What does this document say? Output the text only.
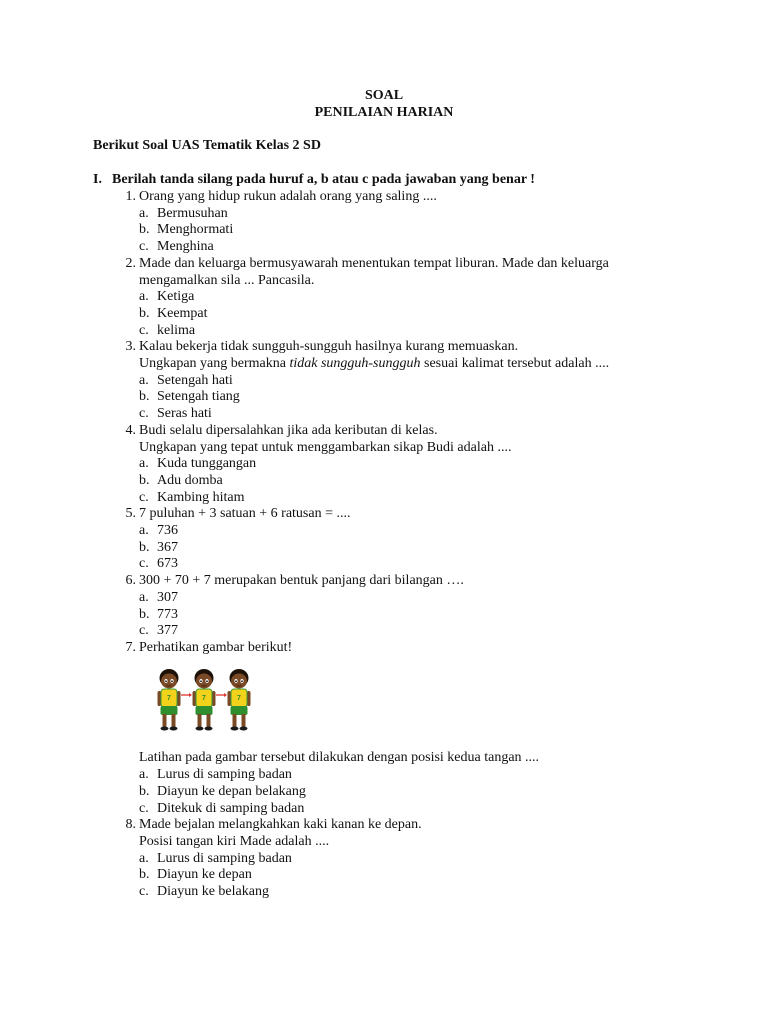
SOAL
PENILAIAN HARIAN
Berikut Soal UAS Tematik Kelas 2 SD
I. Berilah tanda silang pada huruf a, b atau c pada jawaban yang benar !
1. Orang yang hidup rukun adalah orang yang saling ....
a. Bermusuhan
b. Menghormati
c. Menghina
2. Made dan keluarga bermusyawarah menentukan tempat liburan. Made dan keluarga
mengamalkan sila ... Pancasila.
a. Ketiga
b. Keempat
c. kelima
3. Kalau bekerja tidak sungguh-sungguh hasilnya kurang memuaskan.
Ungkapan yang bermakna tidak sungguh-sungguh sesuai kalimat tersebut adalah ....
a. Setengah hati
b. Setengah tiang
c. Seras hati
4. Budi selalu dipersalahkan jika ada keributan di kelas.
Ungkapan yang tepat untuk menggambarkan sikap Budi adalah ....
a. Kuda tunggangan
b. Adu domba
c. Kambing hitam
5. 7 puluhan + 3 satuan + 6 ratusan = ....
a. 736
b. 367
c. 673
6. 300 + 70 + 7 merupakan bentuk panjang dari bilangan ….
a. 307
b. 773
c. 377
7. Perhatikan gambar berikut!
7	7	7
Latihan pada gambar tersebut dilakukan dengan posisi kedua tangan ....
a. Lurus di samping badan
b. Diayun ke depan belakang
c. Ditekuk di samping badan
8. Made bejalan melangkahkan kaki kanan ke depan.
Posisi tangan kiri Made adalah ....
a. Lurus di samping badan
b. Diayun ke depan
c. Diayun ke belakang
